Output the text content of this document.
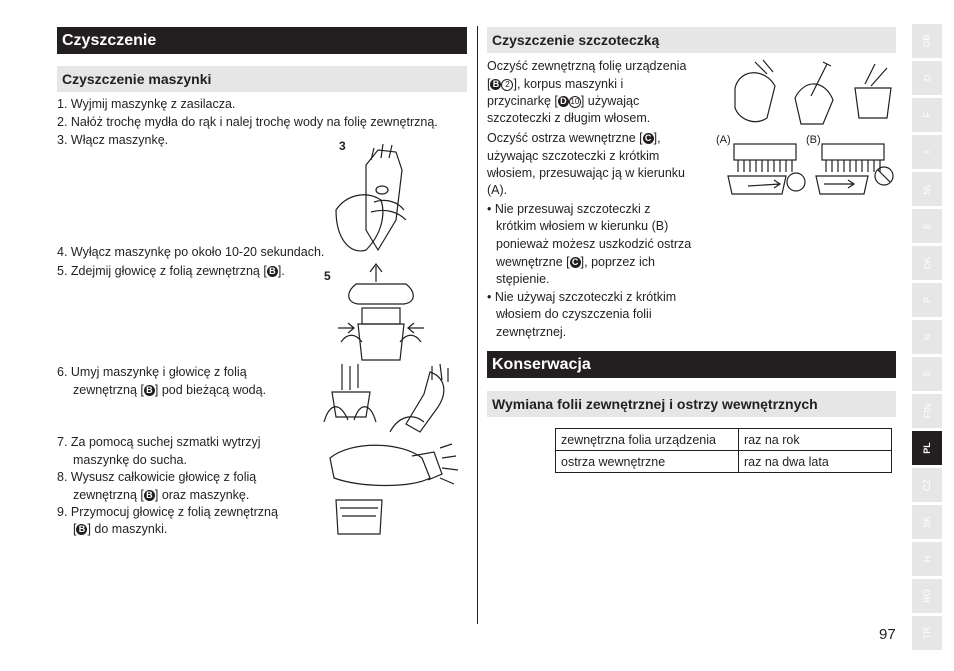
Czyszczenie
Czyszczenie maszynki
1. Wyjmij maszynkę z zasilacza.
2. Nałóż trochę mydła do rąk i nalej trochę wody na folię zewnętrzną.
3. Włącz maszynkę.
4. Wyłącz maszynkę po około 10-20 sekundach.
5. Zdejmij głowicę z folią zewnętrzną [ B ].
6. Umyj maszynkę i głowicę z folią
zewnętrzną [ B ] pod bieżącą wodą.
7. Za pomocą suchej szmatki wytrzyj
maszynkę do sucha.
8. Wysusz całkowicie głowicę z folią
zewnętrzną [ B ] oraz maszynkę.
9. Przymocuj głowicę z folią zewnętrzną
[ B ] do maszynki.
3
5
Czyszczenie szczoteczką
Oczyść zewnętrzną folię urządzenia
[ B 2 ], korpus maszynki i
przycinarkę [ D 10 ] używając
szczoteczki z długim włosem.
Oczyść ostrza wewnętrzne [ C ],
używając szczoteczki z krótkim
włosiem, przesuwając ją w kierunku
(A).
• Nie przesuwaj szczoteczki z
krótkim włosiem w kierunku (B)
ponieważ możesz uszkodzić ostrza
wewnętrzne [ C ], poprzez ich
stępienie.
• Nie używaj szczoteczki z krótkim
włosiem do czyszczenia folii
zewnętrznej.
(A)	(B)
Konserwacja
Wymiana folii zewnętrznej i ostrzy wewnętrznych
zewnętrzna folia urządzenia	raz na rok
ostrza wewnętrzne	raz na dwa lata
GB
D
F
I
NL
E
DK
P
N
S
FIN
PL
CZ
SK
H
RO
TR
97
